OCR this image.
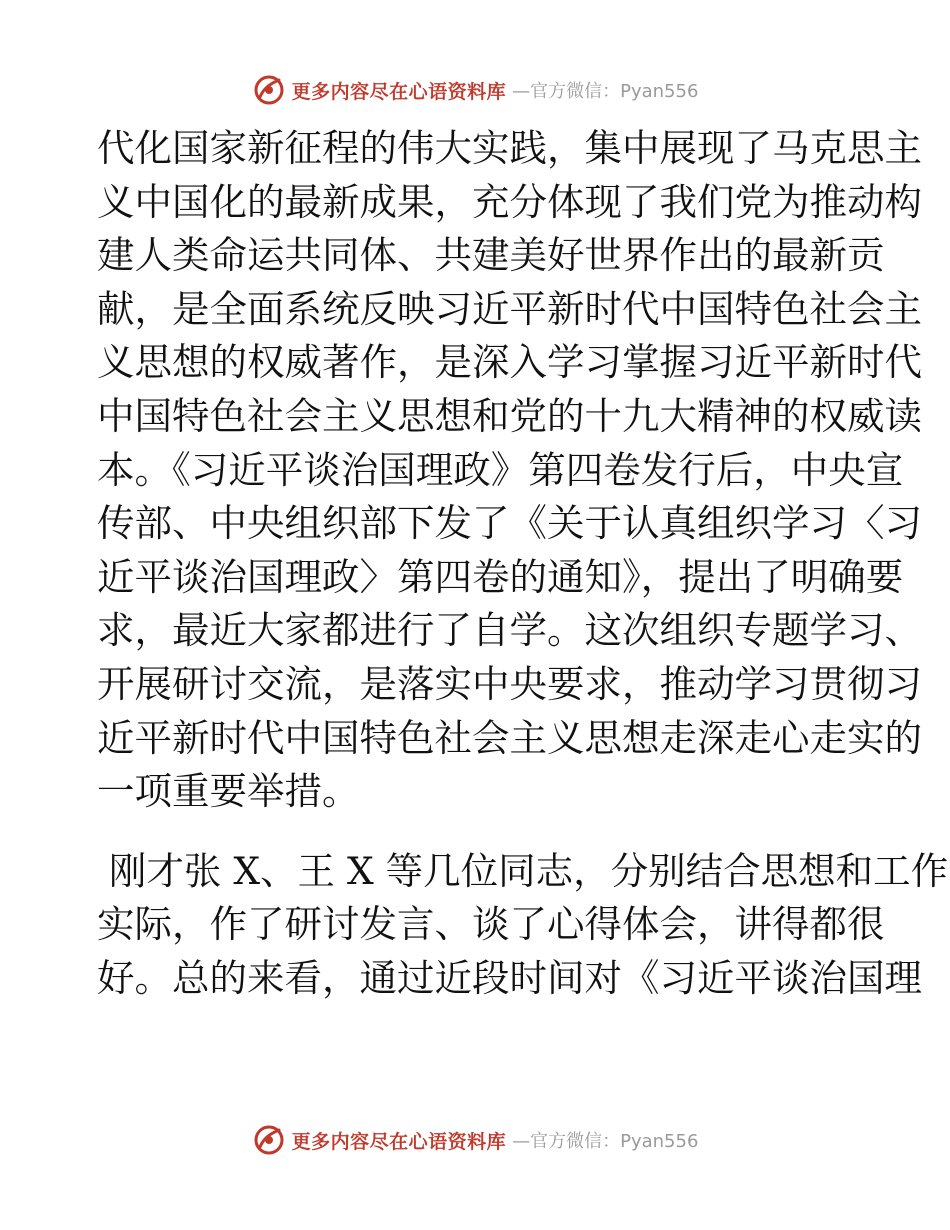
更多内容尽在心语资料库 —官方微信：Pyan556
代化国家新征程的伟大实践，集中展现了马克思主
义中国化的最新成果，充分体现了我们党为推动构
建人类命运共同体、共建美好世界作出的最新贡
献，是全面系统反映习近平新时代中国特色社会主
义思想的权威著作，是深入学习掌握习近平新时代
中国特色社会主义思想和党的十九大精神的权威读
本。《习近平谈治国理政》第四卷发行后，中央宣
传部、中央组织部下发了《关于认真组织学习〈习
近平谈治国理政〉第四卷的通知》，提出了明确要
求，最近大家都进行了自学。这次组织专题学习、
开展研讨交流，是落实中央要求，推动学习贯彻习
近平新时代中国特色社会主义思想走深走心走实的
一项重要举措。
刚才张 X、王 X 等几位同志，分别结合思想和工作
实际，作了研讨发言、谈了心得体会，讲得都很
好。总的来看，通过近段时间对《习近平谈治国理
更多内容尽在心语资料库 —官方微信：Pyan556
